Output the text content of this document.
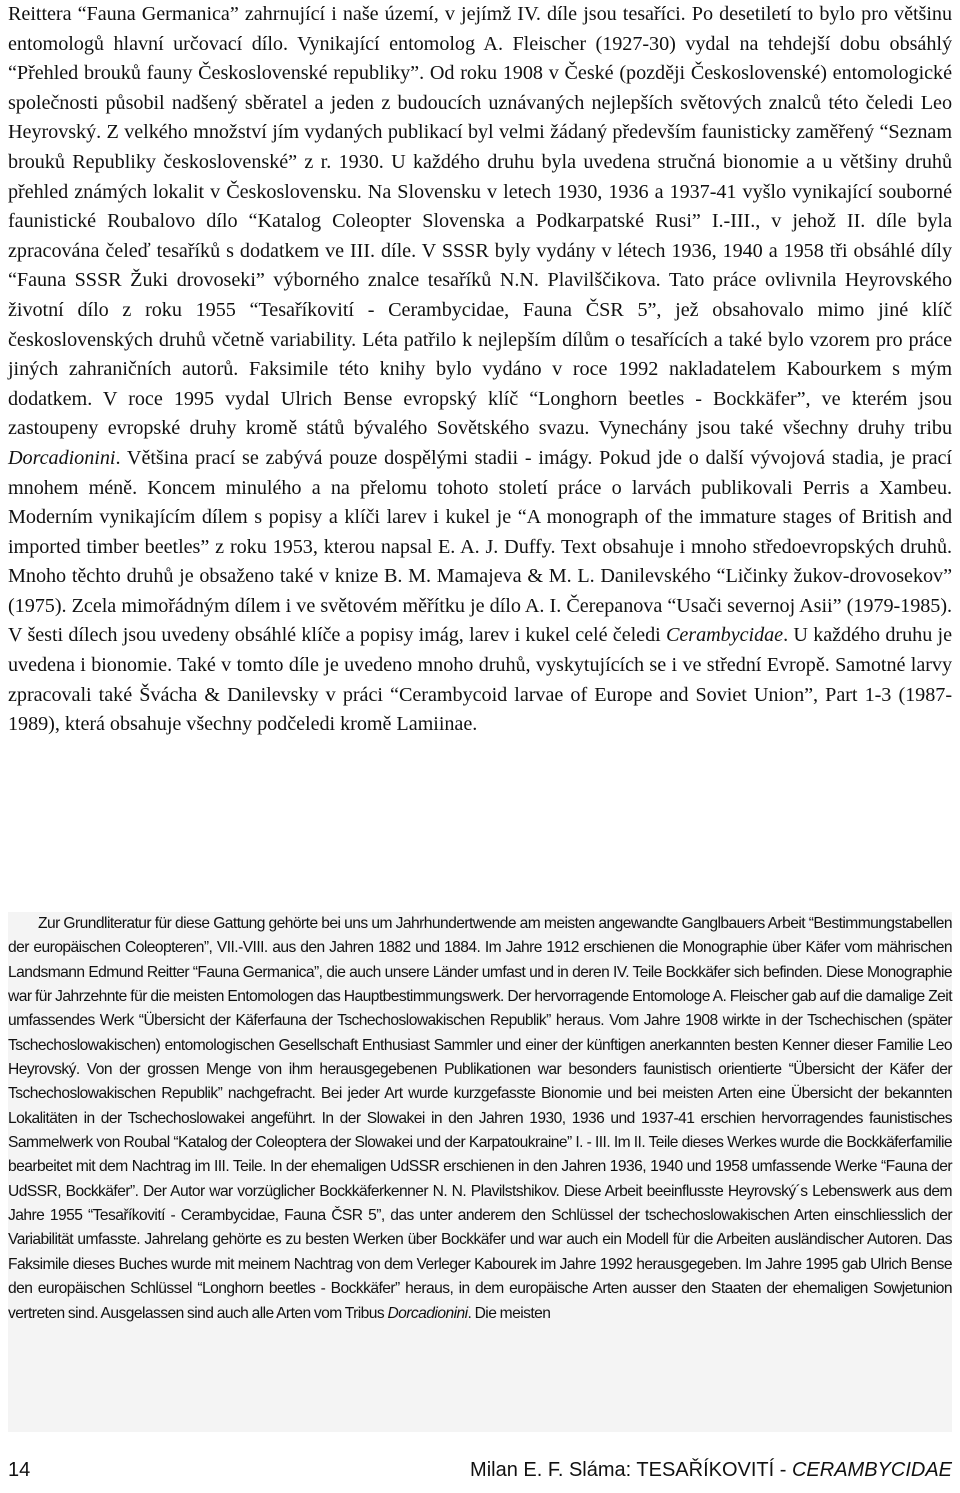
Reittera “Fauna Germanica” zahrnující i naše území, v jejímž IV. díle jsou tesaříci. Po desetiletí to bylo pro většinu entomologů hlavní určovací dílo. Vynikající entomolog A. Fleischer (1927-30) vydal na tehdejší dobu obsáhlý “Přehled brouků fauny Československé republiky”. Od roku 1908 v České (později Československé) entomologické společnosti působil nadšený sběratel a jeden z budoucích uznávaných nejlepších světových znalců této čeledi Leo Heyrovský. Z velkého množství jím vydaných publikací byl velmi žádaný především faunisticky zaměřený “Seznam brouků Republiky československé” z r. 1930. U každého druhu byla uvedena stručná bionomie a u většiny druhů přehled známých lokalit v Československu. Na Slovensku v letech 1930, 1936 a 1937-41 vyšlo vynikající souborné faunistické Roubalovo dílo “Katalog Coleopter Slovenska a Podkarpatské Rusi” I.-III., v jehož II. díle byla zpracována čeleď tesaříků s dodatkem ve III. díle. V SSSR byly vydány v létech 1936, 1940 a 1958 tři obsáhlé díly “Fauna SSSR Žuki drovoseki” výborného znalce tesaříků N.N. Plavilščikova. Tato práce ovlivnila Heyrovského životní dílo z roku 1955 “Tesaříkovití - Cerambycidae, Fauna ČSR 5”, jež obsahovalo mimo jiné klíč československých druhů včetně variability. Léta patřilo k nejlepším dílům o tesařících a také bylo vzorem pro práce jiných zahraničních autorů. Faksimile této knihy bylo vydáno v roce 1992 nakladatelem Kabourkem s mým dodatkem. V roce 1995 vydal Ulrich Bense evropský klíč “Longhorn beetles - Bockkäfer”, ve kterém jsou zastoupeny evropské druhy kromě států bývalého Sovětského svazu. Vynechány jsou také všechny druhy tribu Dorcadionini. Většina prací se zabývá pouze dospělými stadii - imágy. Pokud jde o další vývojová stadia, je prací mnohem méně. Koncem minulého a na přelomu tohoto století práce o larvách publikovali Perris a Xambeu. Moderním vynikajícím dílem s popisy a klíči larev i kukel je “A monograph of the immature stages of British and imported timber beetles” z roku 1953, kterou napsal E. A. J. Duffy. Text obsahuje i mnoho středoevropských druhů. Mnoho těchto druhů je obsaženo také v knize B. M. Mamajeva & M. L. Danilevského “Ličinky žukov-drovosekov” (1975). Zcela mimořádným dílem i ve světovém měřítku je dílo A. I. Čerepanova “Usači severnoj Asii” (1979-1985). V šesti dílech jsou uvedeny obsáhlé klíče a popisy imág, larev i kukel celé čeledi Cerambycidae. U každého druhu je uvedena i bionomie. Také v tomto díle je uvedeno mnoho druhů, vyskytujících se i ve střední Evropě. Samotné larvy zpracovali také Švácha & Danilevsky v práci “Cerambycoid larvae of Europe and Soviet Union”, Part 1-3 (1987-1989), která obsahuje všechny podčeledi kromě Lamiinae.

Zur Grundliteratur für diese Gattung gehörte bei uns um Jahrhundertwende am meisten angewandte Ganglbauers Arbeit “Bestimmungstabellen der europäischen Coleopteren”, VII.-VIII. aus den Jahren 1882 und 1884. Im Jahre 1912 erschienen die Monographie über Käfer vom mährischen Landsmann Edmund Reitter “Fauna Germanica”, die auch unsere Länder umfast und in deren IV. Teile Bockkäfer sich befinden. Diese Monographie war für Jahrzehnte für die meisten Entomologen das Hauptbestimmungswerk. Der hervorragende Entomologe A. Fleischer gab auf die damalige Zeit umfassendes Werk “Übersicht der Käferfauna der Tschechoslowakischen Republik” heraus. Vom Jahre 1908 wirkte in der Tschechischen (später Tschechoslowakischen) entomologischen Gesellschaft Enthusiast Sammler und einer der künftigen anerkannten besten Kenner dieser Familie Leo Heyrovský. Von der grossen Menge von ihm herausgegebenen Publikationen war besonders faunistisch orientierte “Übersicht der Käfer der Tschechoslowakischen Republik” nachgefracht. Bei jeder Art wurde kurzgefasste Bionomie und bei meisten Arten eine Übersicht der bekannten Lokalitäten in der Tschechoslowakei angeführt. In der Slowakei in den Jahren 1930, 1936 und 1937-41 erschien hervorragendes faunistisches Sammelwerk von Roubal “Katalog der Coleoptera der Slowakei und der Karpatoukraine” I. - III. Im II. Teile dieses Werkes wurde die Bockkäferfamilie bearbeitet mit dem Nachtrag im III. Teile. In der ehemaligen UdSSR erschienen in den Jahren 1936, 1940 und 1958 umfassende Werke “Fauna der UdSSR, Bockkäfer”. Der Autor war vorzüglicher Bockkäferkenner N. N. Plavilstshikov. Diese Arbeit beeinflusste Heyrovský´s Lebenswerk aus dem Jahre 1955 “Tesaříkovití - Cerambycidae, Fauna ČSR 5”, das unter anderem den Schlüssel der tschechoslowakischen Arten einschliesslich der Variabilität umfasste. Jahrelang gehörte es zu besten Werken über Bockkäfer und war auch ein Modell für die Arbeiten ausländischer Autoren. Das Faksimile dieses Buches wurde mit meinem Nachtrag von dem Verleger Kabourek im Jahre 1992 herausgegeben. Im Jahre 1995 gab Ulrich Bense den europäischen Schlüssel “Longhorn beetles - Bockkäfer” heraus, in dem europäische Arten ausser den Staaten der ehemaligen Sowjetunion vertreten sind. Ausgelassen sind auch alle Arten vom Tribus Dorcadionini. Die meisten

14	Milan E. F. Sláma: TESAŘÍKOVITÍ - CERAMBYCIDAE
